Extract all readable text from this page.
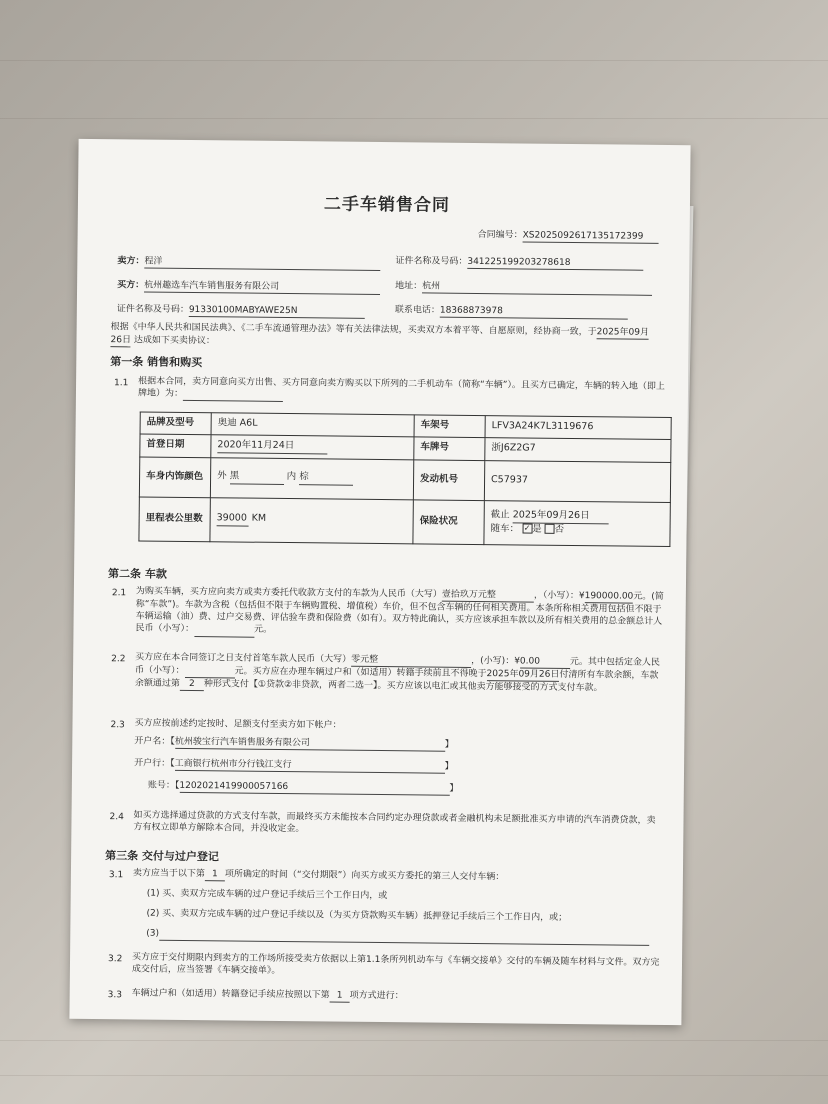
二手车销售合同
合同编号：XS2025092617135172399
卖方：程洋	证件名称及号码：341225199203278618
买方：杭州趣选车汽车销售服务有限公司	地址：杭州
证件名称及号码：91330100MABYAWE25N	联系电话：18368873978
根据《中华人民共和国民法典》、《二手车流通管理办法》等有关法律法规，买卖双方本着平等、自愿原则，经协商一致，于2025年09月 26日 达成如下买卖协议：
第一条 销售和购买
1.1 根据本合同，卖方同意向买方出售、买方同意向卖方购买以下所列的二手机动车（简称“车辆”）。且买方已确定，车辆的转入地（即上牌地）为：
品牌及型号	奥迪 A6L	车架号	LFV3A24K7L3119676
首登日期	2020年11月24日	车牌号	浙J6Z2G7
车身内饰颜色	外 黑 内 棕	发动机号	C57937
里程表公里数	39000 KM	保险状况	截止 2025年09月26日
随车： ✓ 是 否
第二条 车款
2.1 为购买车辆，买方应向卖方或卖方委托代收款方支付的车款为人民币（大写）壹拾玖万元整	，（小写）：¥190000.00元。(简称“车款”)。车款为含税（包括但不限于车辆购置税、增值税）车价，但不包含车辆的任何相关费用。本条所称相关费用包括但不限于车辆运输（油）费、过户交易费、评估验车费和保险费（如有）。双方特此确认，买方应该承担车款以及所有相关费用的总金额总计人民币（小写）：	元。
2.2 买方应在本合同签订之日支付首笔车款人民币（大写）零元整	，(小写)：¥0.00	元。其中包括定金人民币（小写）：	元。买方应在办理车辆过户和（如适用）转籍手续前且不得晚于2025年09月26日付清所有车款余额，车款余额通过第 2 种形式支付【①贷款②非贷款，两者二选一】。买方应该以电汇或其他卖方能够接受的方式支付车款。
2.3 买方应按前述约定按时、足额支付至卖方如下帐户：
开户名：【杭州骏宝行汽车销售服务有限公司	】
开户行：【工商银行杭州市分行钱江支行	】
账号：【1202021419900057166	】
2.4 如买方选择通过贷款的方式支付车款，而最终买方未能按本合同约定办理贷款或者金融机构未足额批准买方申请的汽车消费贷款，卖方有权立即单方解除本合同，并没收定金。
第三条 交付与过户登记
3.1 卖方应当于以下第 1 项所确定的时间（“交付期限”）向买方或买方委托的第三人交付车辆：
(1) 买、卖双方完成车辆的过户登记手续后三个工作日内，或
(2) 买、卖双方完成车辆的过户登记手续以及（为买方贷款购买车辆）抵押登记手续后三个工作日内，或；
(3)
3.2 买方应于交付期限内到卖方的工作场所接受卖方依据以上第1.1条所列机动车与《车辆交接单》交付的车辆及随车材料与文件。双方完成交付后，应当签署《车辆交接单》。
3.3 车辆过户和（如适用）转籍登记手续应按照以下第 1 项方式进行：
